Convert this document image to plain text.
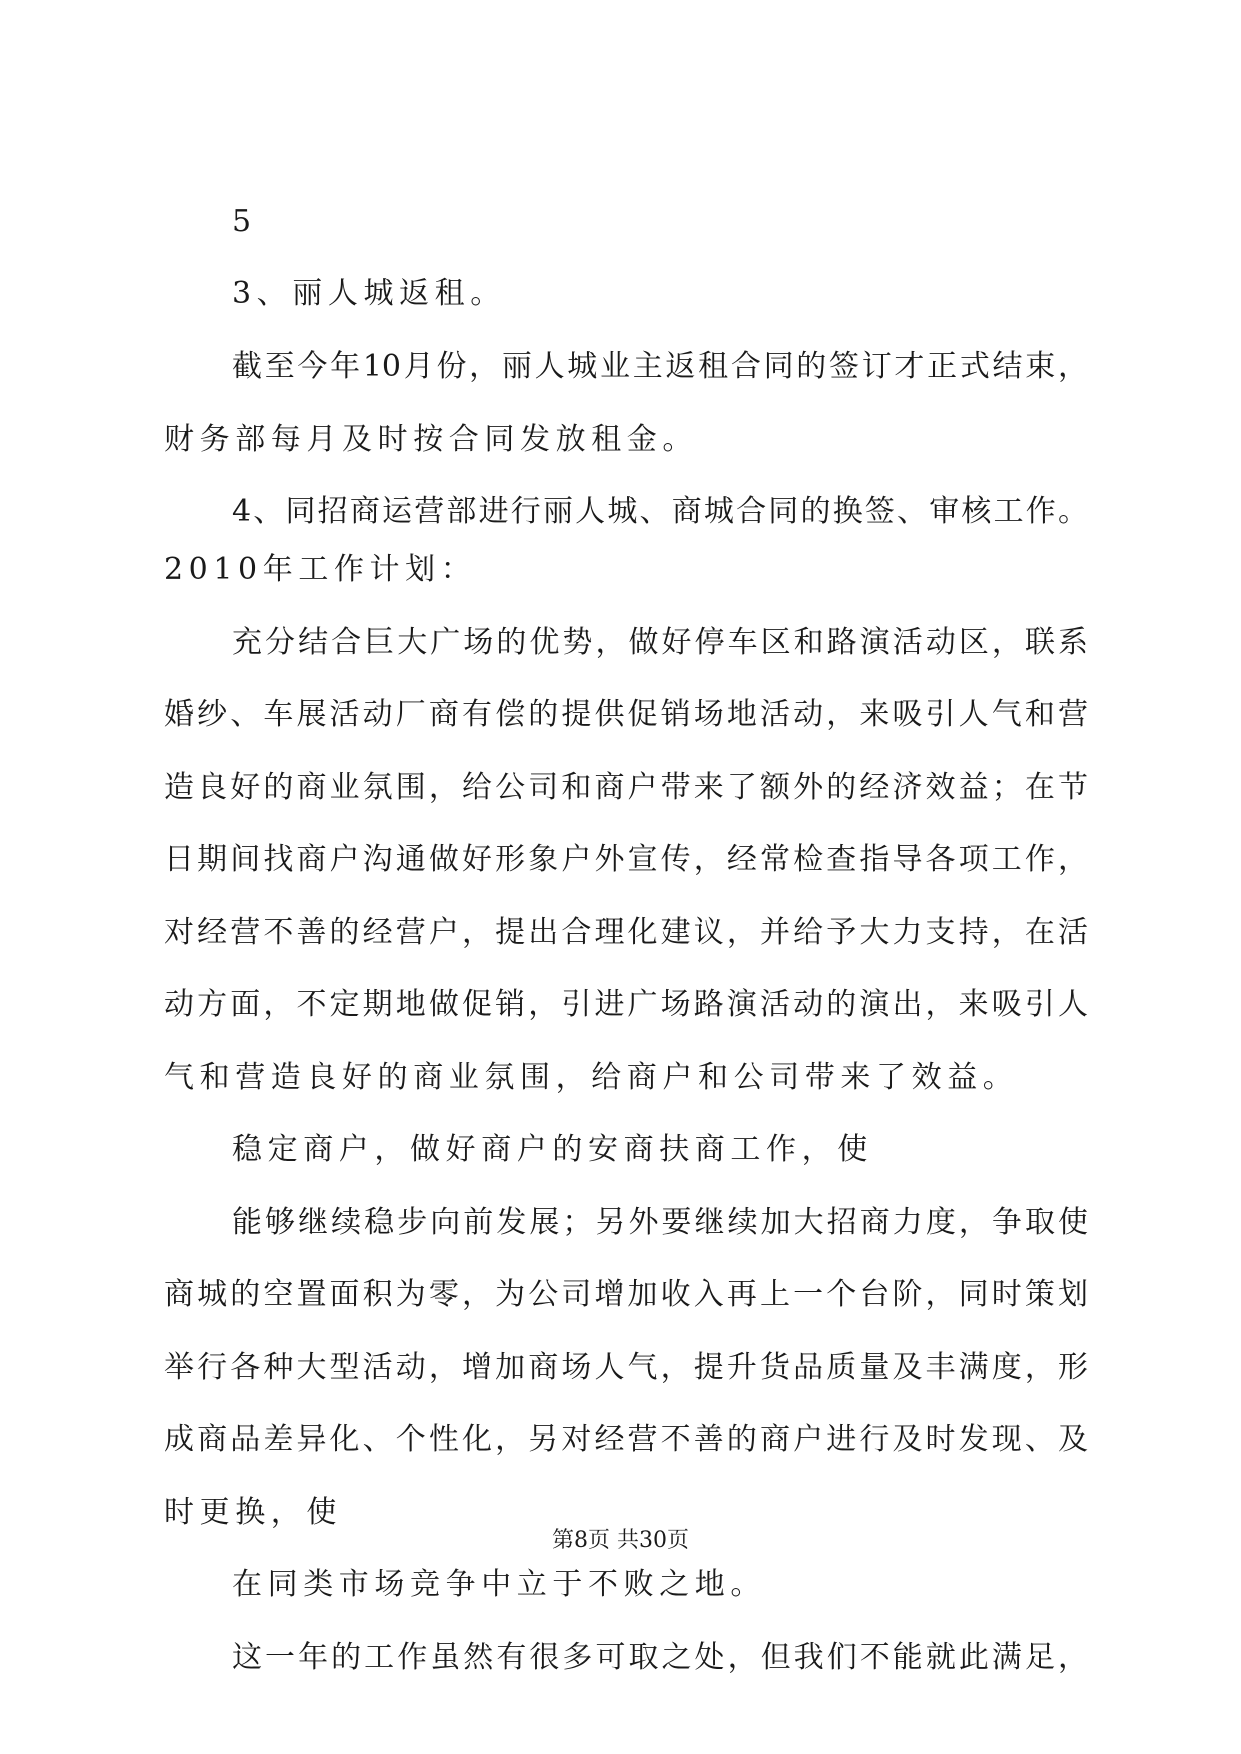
5
3、丽人城返租。
截至今年10月份，丽人城业主返租合同的签订才正式结束，
财务部每月及时按合同发放租金。
4、同招商运营部进行丽人城、商城合同的换签、审核工作。
2010年工作计划：
充分结合巨大广场的优势，做好停车区和路演活动区，联系
婚纱、车展活动厂商有偿的提供促销场地活动，来吸引人气和营
造良好的商业氛围，给公司和商户带来了额外的经济效益；在节
日期间找商户沟通做好形象户外宣传，经常检查指导各项工作，
对经营不善的经营户，提出合理化建议，并给予大力支持，在活
动方面，不定期地做促销，引进广场路演活动的演出，来吸引人
气和营造良好的商业氛围，给商户和公司带来了效益。
稳定商户，做好商户的安商扶商工作，使
能够继续稳步向前发展；另外要继续加大招商力度，争取使
商城的空置面积为零，为公司增加收入再上一个台阶，同时策划
举行各种大型活动，增加商场人气，提升货品质量及丰满度，形
成商品差异化、个性化，另对经营不善的商户进行及时发现、及
时更换，使
在同类市场竞争中立于不败之地。
这一年的工作虽然有很多可取之处，但我们不能就此满足，
第8页 共30页
